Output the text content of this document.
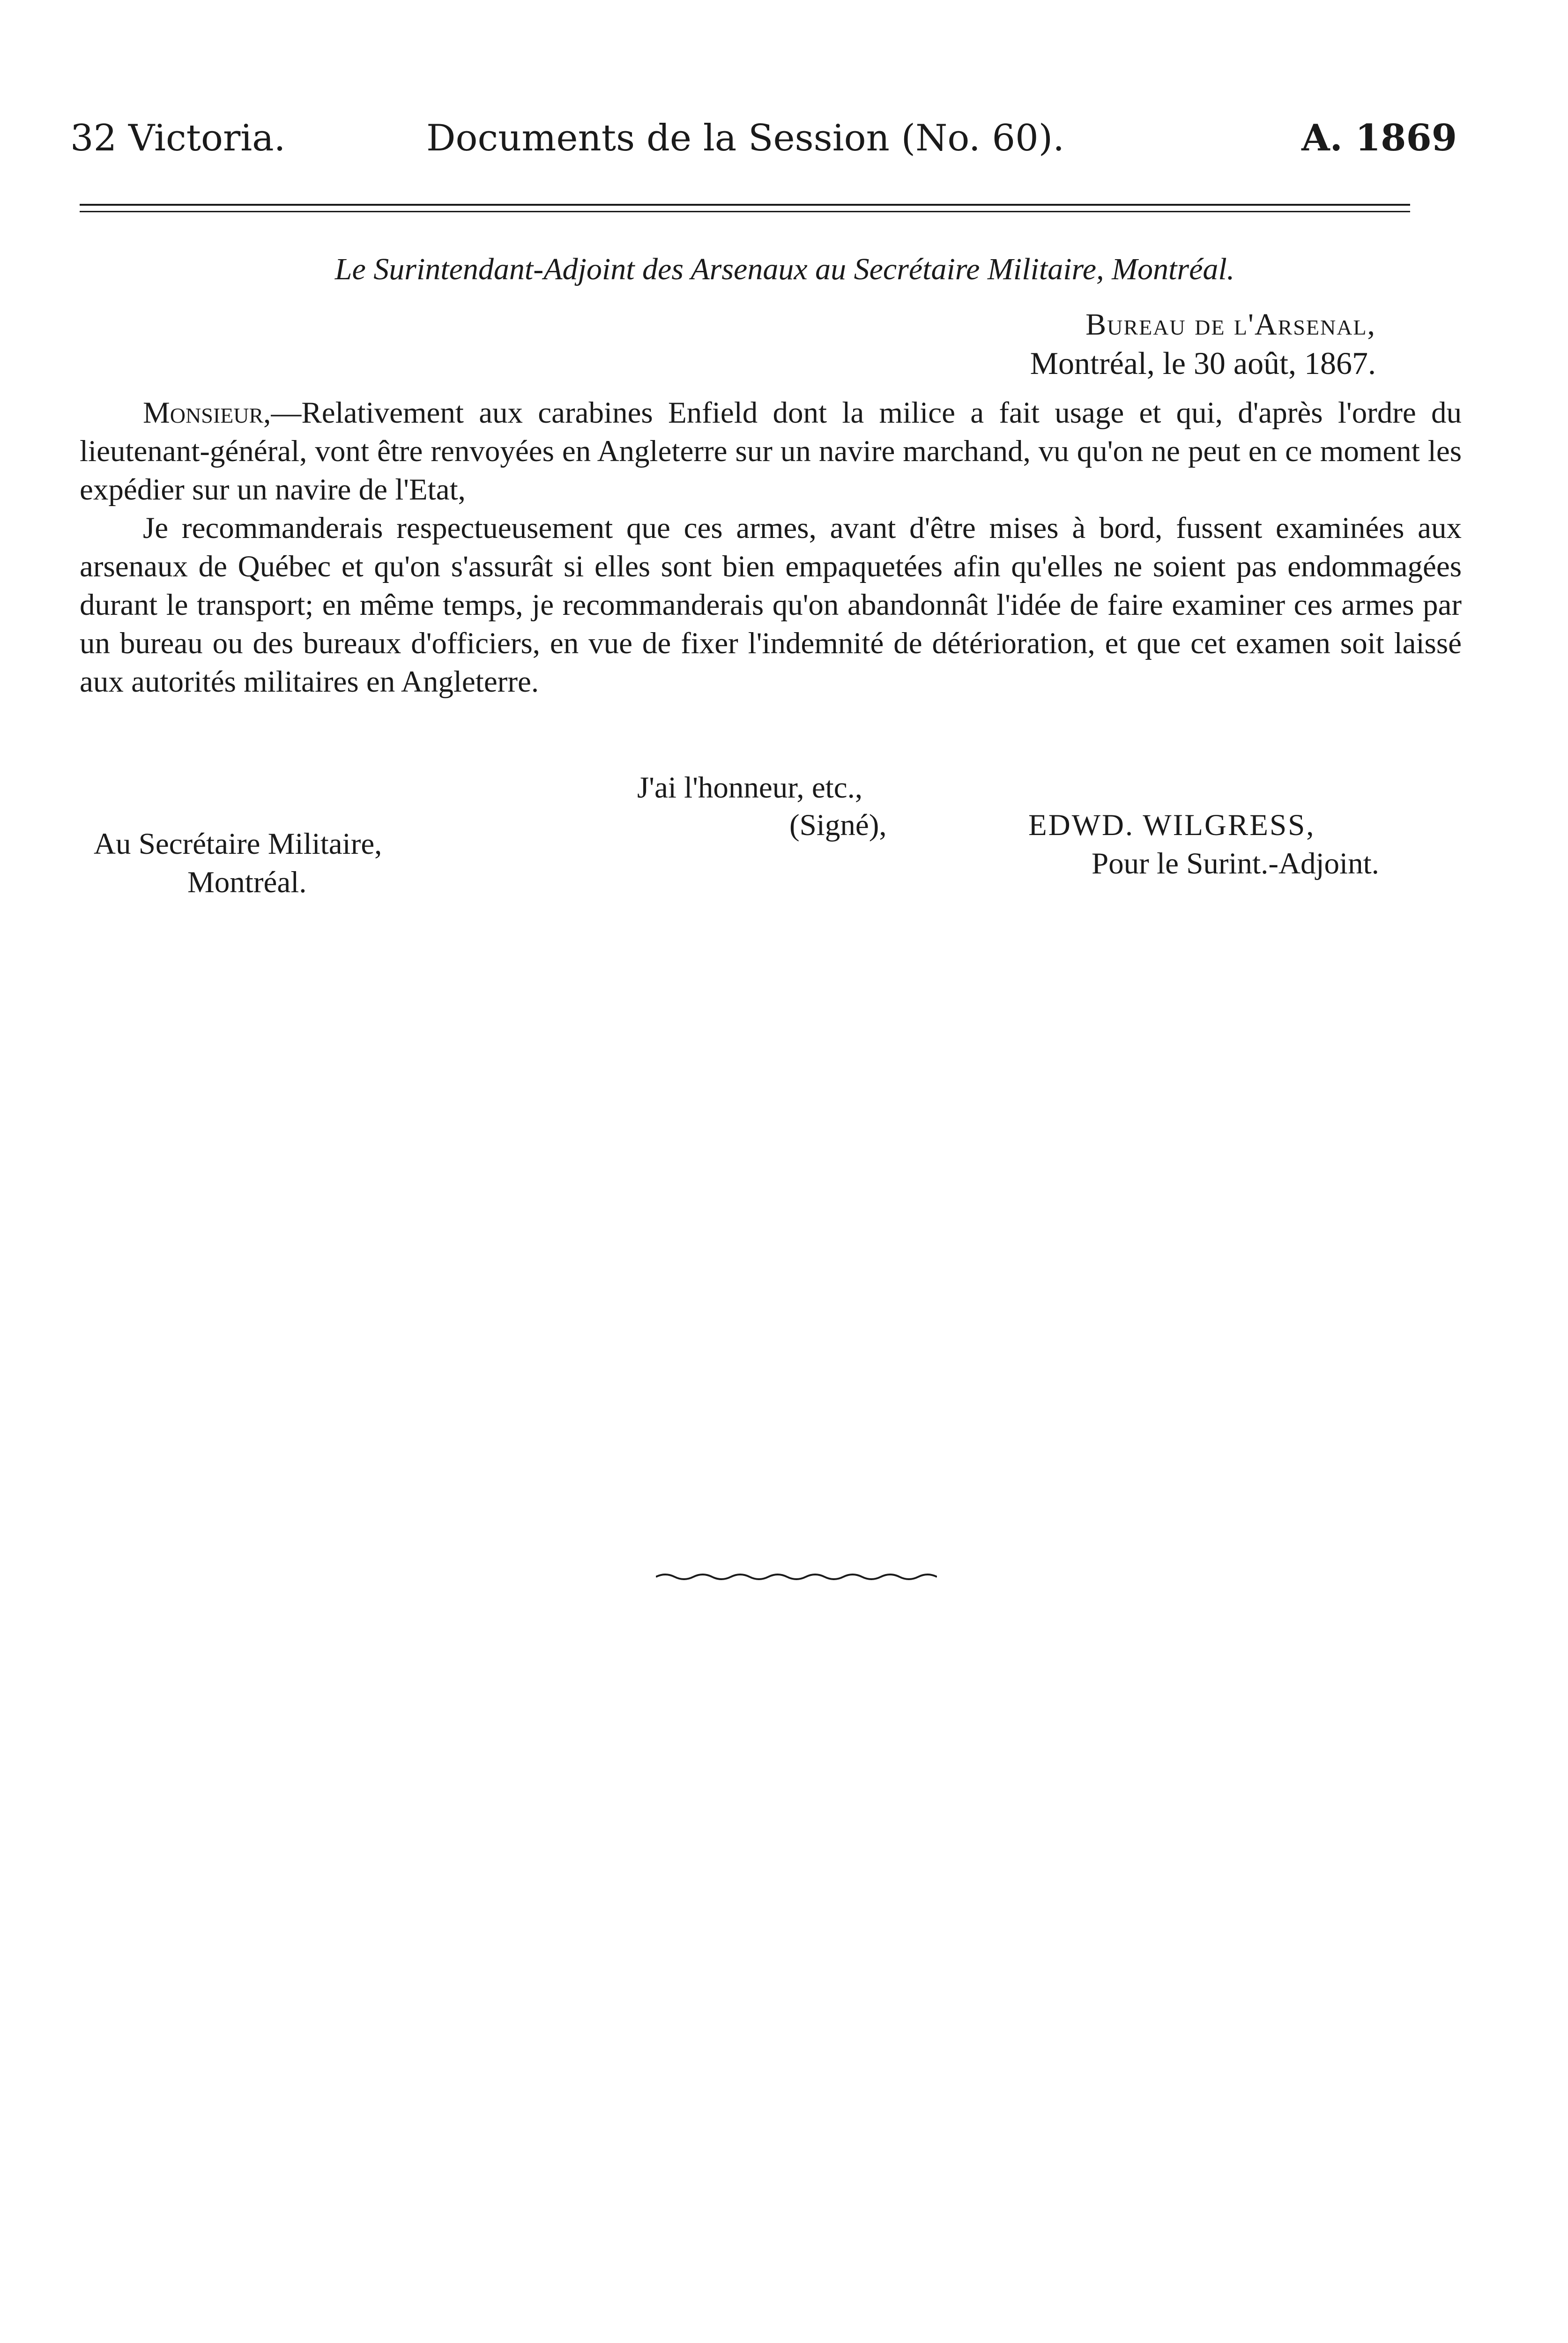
32 Victoria.	Documents de la Session (No. 60).	A. 1869
Le Surintendant-Adjoint des Arsenaux au Secrétaire Militaire, Montréal.
Bureau de l'Arsenal,
Montréal, le 30 août, 1867.

Monsieur,—Relativement aux carabines Enfield dont la milice a fait usage et qui, d'après l'ordre du lieutenant-général, vont être renvoyées en Angleterre sur un navire marchand, vu qu'on ne peut en ce moment les expédier sur un navire de l'Etat,

Je recommanderais respectueusement que ces armes, avant d'être mises à bord, fussent examinées aux arsenaux de Québec et qu'on s'assurât si elles sont bien empaquetées afin qu'elles ne soient pas endommagées durant le transport; en même temps, je recommanderais qu'on abandonnât l'idée de faire examiner ces armes par un bureau ou des bureaux d'officiers, en vue de fixer l'indemnité de détérioration, et que cet examen soit laissé aux autorités militaires en Angleterre.

J'ai l'honneur, etc.,
(Signé),	EDWD. WILGRESS,
Pour le Surint.-Adjoint.
Au Secrétaire Militaire,
Montréal.
